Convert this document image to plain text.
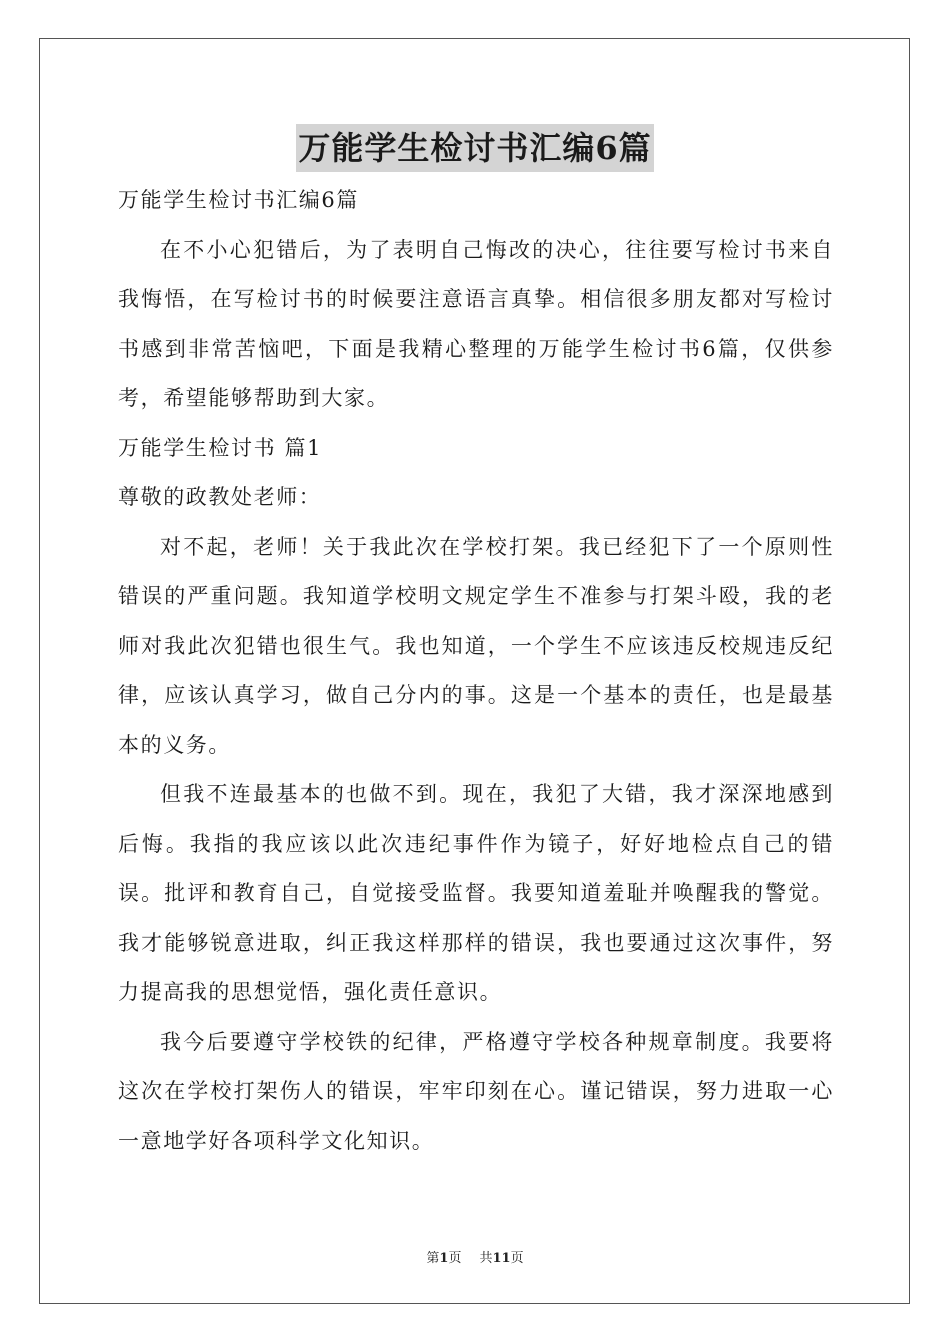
万能学生检讨书汇编6篇

万能学生检讨书汇编6篇

在不小心犯错后，为了表明自己悔改的决心，往往要写检讨书来自我悔悟，在写检讨书的时候要注意语言真挚。相信很多朋友都对写检讨书感到非常苦恼吧，下面是我精心整理的万能学生检讨书6篇，仅供参考，希望能够帮助到大家。

万能学生检讨书 篇1

尊敬的政教处老师：

对不起，老师！关于我此次在学校打架。我已经犯下了一个原则性错误的严重问题。我知道学校明文规定学生不准参与打架斗殴，我的老师对我此次犯错也很生气。我也知道，一个学生不应该违反校规违反纪律，应该认真学习，做自己分内的事。这是一个基本的责任，也是最基本的义务。

但我不连最基本的也做不到。现在，我犯了大错，我才深深地感到后悔。我指的我应该以此次违纪事件作为镜子，好好地检点自己的错误。批评和教育自己，自觉接受监督。我要知道羞耻并唤醒我的警觉。我才能够锐意进取，纠正我这样那样的错误，我也要通过这次事件，努力提高我的思想觉悟，强化责任意识。

我今后要遵守学校铁的纪律，严格遵守学校各种规章制度。我要将这次在学校打架伤人的错误，牢牢印刻在心。谨记错误，努力进取一心一意地学好各项科学文化知识。

第1页 共11页
